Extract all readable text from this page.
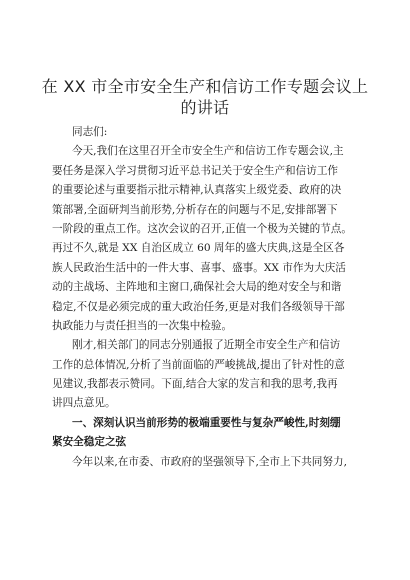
在 XX 市全市安全生产和信访工作专题会议上
的讲话
同志们:
今天,我们在这里召开全市安全生产和信访工作专题会议,主
要任务是深入学习贯彻习近平总书记关于安全生产和信访工作
的重要论述与重要指示批示精神,认真落实上级党委、政府的决
策部署,全面研判当前形势,分析存在的问题与不足,安排部署下
一阶段的重点工作。这次会议的召开,正值一个极为关键的节点。
再过不久,就是 XX 自治区成立 60 周年的盛大庆典,这是全区各
族人民政治生活中的一件大事、喜事、盛事。XX 市作为大庆活
动的主战场、主阵地和主窗口,确保社会大局的绝对安全与和谐
稳定,不仅是必须完成的重大政治任务,更是对我们各级领导干部
执政能力与责任担当的一次集中检验。
刚才,相关部门的同志分别通报了近期全市安全生产和信访
工作的总体情况,分析了当前面临的严峻挑战,提出了针对性的意
见建议,我都表示赞同。下面,结合大家的发言和我的思考,我再
讲四点意见。
一、深刻认识当前形势的极端重要性与复杂严峻性,时刻绷
紧安全稳定之弦
今年以来,在市委、市政府的坚强领导下,全市上下共同努力,
